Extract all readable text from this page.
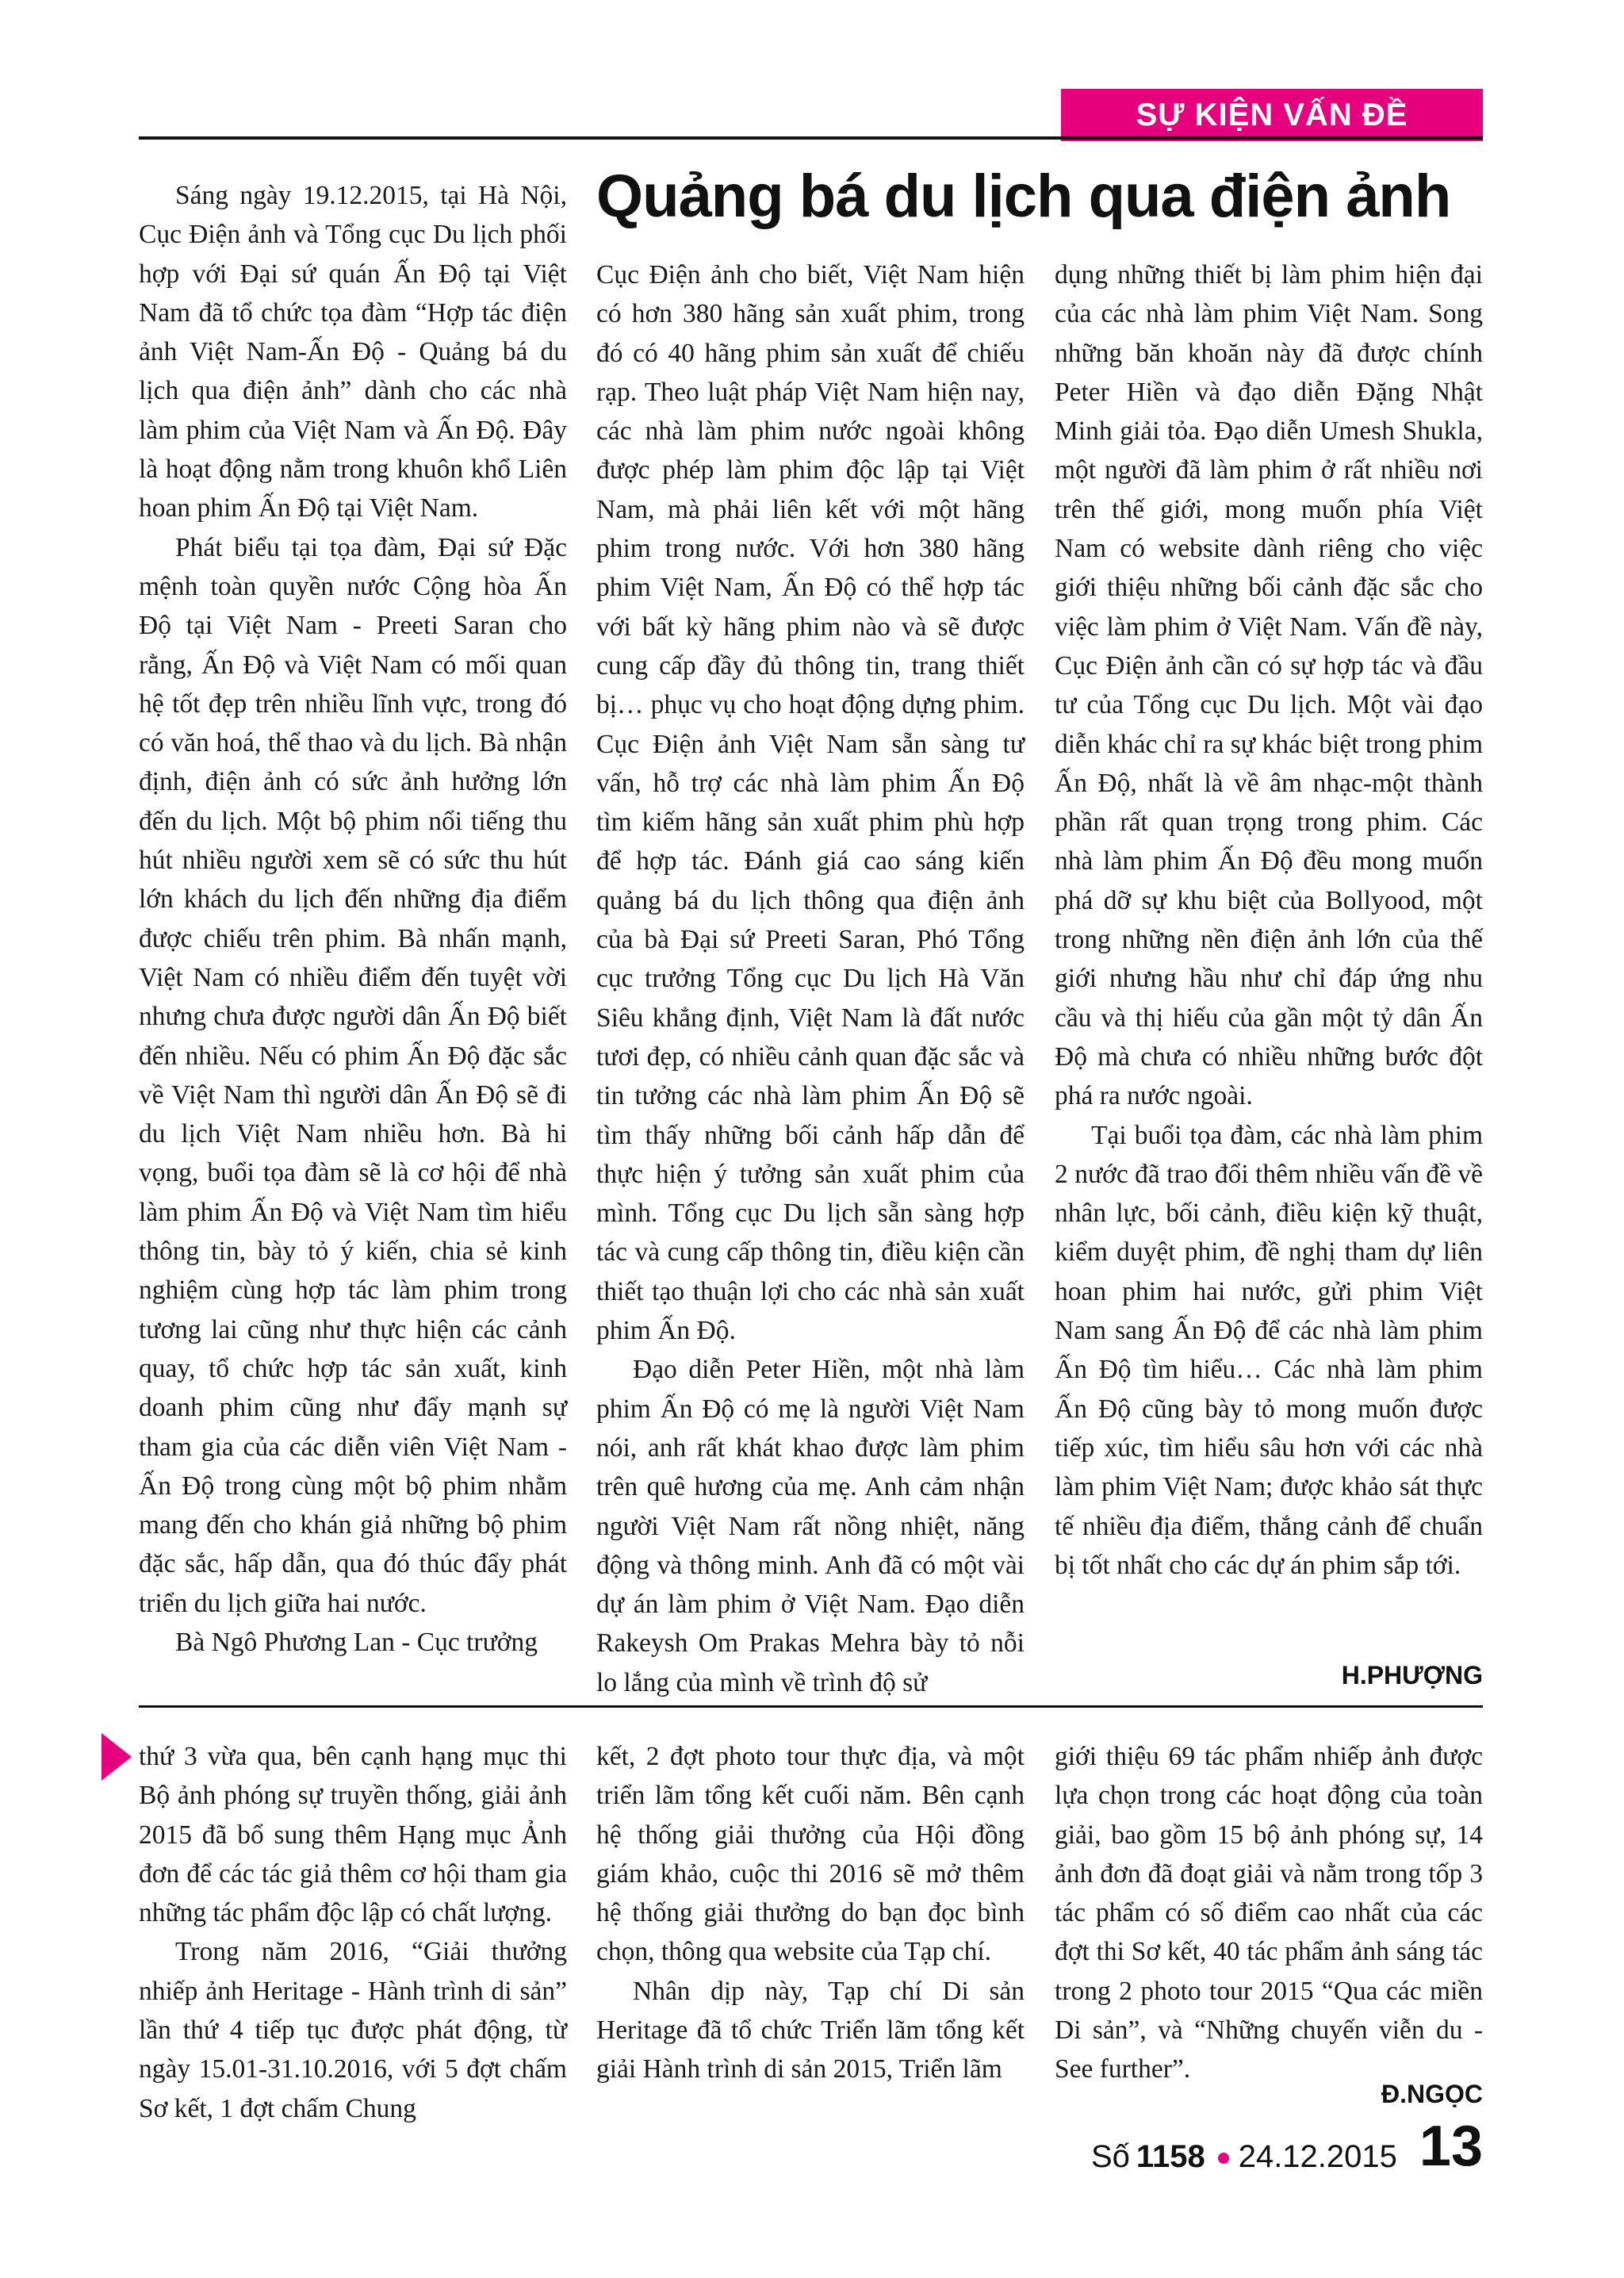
SỰ KIỆN VẤN ĐỀ
Quảng bá du lịch qua điện ảnh

Sáng ngày 19.12.2015, tại Hà Nội, Cục Điện ảnh và Tổng cục Du lịch phối hợp với Đại sứ quán Ấn Độ tại Việt Nam đã tổ chức tọa đàm “Hợp tác điện ảnh Việt Nam-Ấn Độ - Quảng bá du lịch qua điện ảnh” dành cho các nhà làm phim của Việt Nam và Ấn Độ. Đây là hoạt động nằm trong khuôn khổ Liên hoan phim Ấn Độ tại Việt Nam.

Phát biểu tại tọa đàm, Đại sứ Đặc mệnh toàn quyền nước Cộng hòa Ấn Độ tại Việt Nam - Preeti Saran cho rằng, Ấn Độ và Việt Nam có mối quan hệ tốt đẹp trên nhiều lĩnh vực, trong đó có văn hoá, thể thao và du lịch. Bà nhận định, điện ảnh có sức ảnh hưởng lớn đến du lịch. Một bộ phim nổi tiếng thu hút nhiều người xem sẽ có sức thu hút lớn khách du lịch đến những địa điểm được chiếu trên phim. Bà nhấn mạnh, Việt Nam có nhiều điểm đến tuyệt vời nhưng chưa được người dân Ấn Độ biết đến nhiều. Nếu có phim Ấn Độ đặc sắc về Việt Nam thì người dân Ấn Độ sẽ đi du lịch Việt Nam nhiều hơn. Bà hi vọng, buổi tọa đàm sẽ là cơ hội để nhà làm phim Ấn Độ và Việt Nam tìm hiểu thông tin, bày tỏ ý kiến, chia sẻ kinh nghiệm cùng hợp tác làm phim trong tương lai cũng như thực hiện các cảnh quay, tổ chức hợp tác sản xuất, kinh doanh phim cũng như đẩy mạnh sự tham gia của các diễn viên Việt Nam - Ấn Độ trong cùng một bộ phim nhằm mang đến cho khán giả những bộ phim đặc sắc, hấp dẫn, qua đó thúc đẩy phát triển du lịch giữa hai nước.

Bà Ngô Phương Lan - Cục trưởng

Cục Điện ảnh cho biết, Việt Nam hiện có hơn 380 hãng sản xuất phim, trong đó có 40 hãng phim sản xuất để chiếu rạp. Theo luật pháp Việt Nam hiện nay, các nhà làm phim nước ngoài không được phép làm phim độc lập tại Việt Nam, mà phải liên kết với một hãng phim trong nước. Với hơn 380 hãng phim Việt Nam, Ấn Độ có thể hợp tác với bất kỳ hãng phim nào và sẽ được cung cấp đầy đủ thông tin, trang thiết bị… phục vụ cho hoạt động dựng phim. Cục Điện ảnh Việt Nam sẵn sàng tư vấn, hỗ trợ các nhà làm phim Ấn Độ tìm kiếm hãng sản xuất phim phù hợp để hợp tác. Đánh giá cao sáng kiến quảng bá du lịch thông qua điện ảnh của bà Đại sứ Preeti Saran, Phó Tổng cục trưởng Tổng cục Du lịch Hà Văn Siêu khẳng định, Việt Nam là đất nước tươi đẹp, có nhiều cảnh quan đặc sắc và tin tưởng các nhà làm phim Ấn Độ sẽ tìm thấy những bối cảnh hấp dẫn để thực hiện ý tưởng sản xuất phim của mình. Tổng cục Du lịch sẵn sàng hợp tác và cung cấp thông tin, điều kiện cần thiết tạo thuận lợi cho các nhà sản xuất phim Ấn Độ.

Đạo diễn Peter Hiền, một nhà làm phim Ấn Độ có mẹ là người Việt Nam nói, anh rất khát khao được làm phim trên quê hương của mẹ. Anh cảm nhận người Việt Nam rất nồng nhiệt, năng động và thông minh. Anh đã có một vài dự án làm phim ở Việt Nam. Đạo diễn Rakeysh Om Prakas Mehra bày tỏ nỗi lo lắng của mình về trình độ sử

dụng những thiết bị làm phim hiện đại của các nhà làm phim Việt Nam. Song những băn khoăn này đã được chính Peter Hiền và đạo diễn Đặng Nhật Minh giải tỏa. Đạo diễn Umesh Shukla, một người đã làm phim ở rất nhiều nơi trên thế giới, mong muốn phía Việt Nam có website dành riêng cho việc giới thiệu những bối cảnh đặc sắc cho việc làm phim ở Việt Nam. Vấn đề này, Cục Điện ảnh cần có sự hợp tác và đầu tư của Tổng cục Du lịch. Một vài đạo diễn khác chỉ ra sự khác biệt trong phim Ấn Độ, nhất là về âm nhạc-một thành phần rất quan trọng trong phim. Các nhà làm phim Ấn Độ đều mong muốn phá dỡ sự khu biệt của Bollyood, một trong những nền điện ảnh lớn của thế giới nhưng hầu như chỉ đáp ứng nhu cầu và thị hiếu của gần một tỷ dân Ấn Độ mà chưa có nhiều những bước đột phá ra nước ngoài.

Tại buổi tọa đàm, các nhà làm phim 2 nước đã trao đổi thêm nhiều vấn đề về nhân lực, bối cảnh, điều kiện kỹ thuật, kiểm duyệt phim, đề nghị tham dự liên hoan phim hai nước, gửi phim Việt Nam sang Ấn Độ để các nhà làm phim Ấn Độ tìm hiểu… Các nhà làm phim Ấn Độ cũng bày tỏ mong muốn được tiếp xúc, tìm hiểu sâu hơn với các nhà làm phim Việt Nam; được khảo sát thực tế nhiều địa điểm, thắng cảnh để chuẩn bị tốt nhất cho các dự án phim sắp tới.

H.PHƯỢNG

thứ 3 vừa qua, bên cạnh hạng mục thi Bộ ảnh phóng sự truyền thống, giải ảnh 2015 đã bổ sung thêm Hạng mục Ảnh đơn để các tác giả thêm cơ hội tham gia những tác phẩm độc lập có chất lượng.

Trong năm 2016, “Giải thưởng nhiếp ảnh Heritage - Hành trình di sản” lần thứ 4 tiếp tục được phát động, từ ngày 15.01-31.10.2016, với 5 đợt chấm Sơ kết, 1 đợt chấm Chung

kết, 2 đợt photo tour thực địa, và một triển lãm tổng kết cuối năm. Bên cạnh hệ thống giải thưởng của Hội đồng giám khảo, cuộc thi 2016 sẽ mở thêm hệ thống giải thưởng do bạn đọc bình chọn, thông qua website của Tạp chí.

Nhân dịp này, Tạp chí Di sản Heritage đã tổ chức Triển lãm tổng kết giải Hành trình di sản 2015, Triển lãm

giới thiệu 69 tác phẩm nhiếp ảnh được lựa chọn trong các hoạt động của toàn giải, bao gồm 15 bộ ảnh phóng sự, 14 ảnh đơn đã đoạt giải và nằm trong tốp 3 tác phẩm có số điểm cao nhất của các đợt thi Sơ kết, 40 tác phẩm ảnh sáng tác trong 2 photo tour 2015 “Qua các miền Di sản”, và “Những chuyến viễn du - See further”.

Đ.NGỌC
Số 1158 24.12.2015 13
